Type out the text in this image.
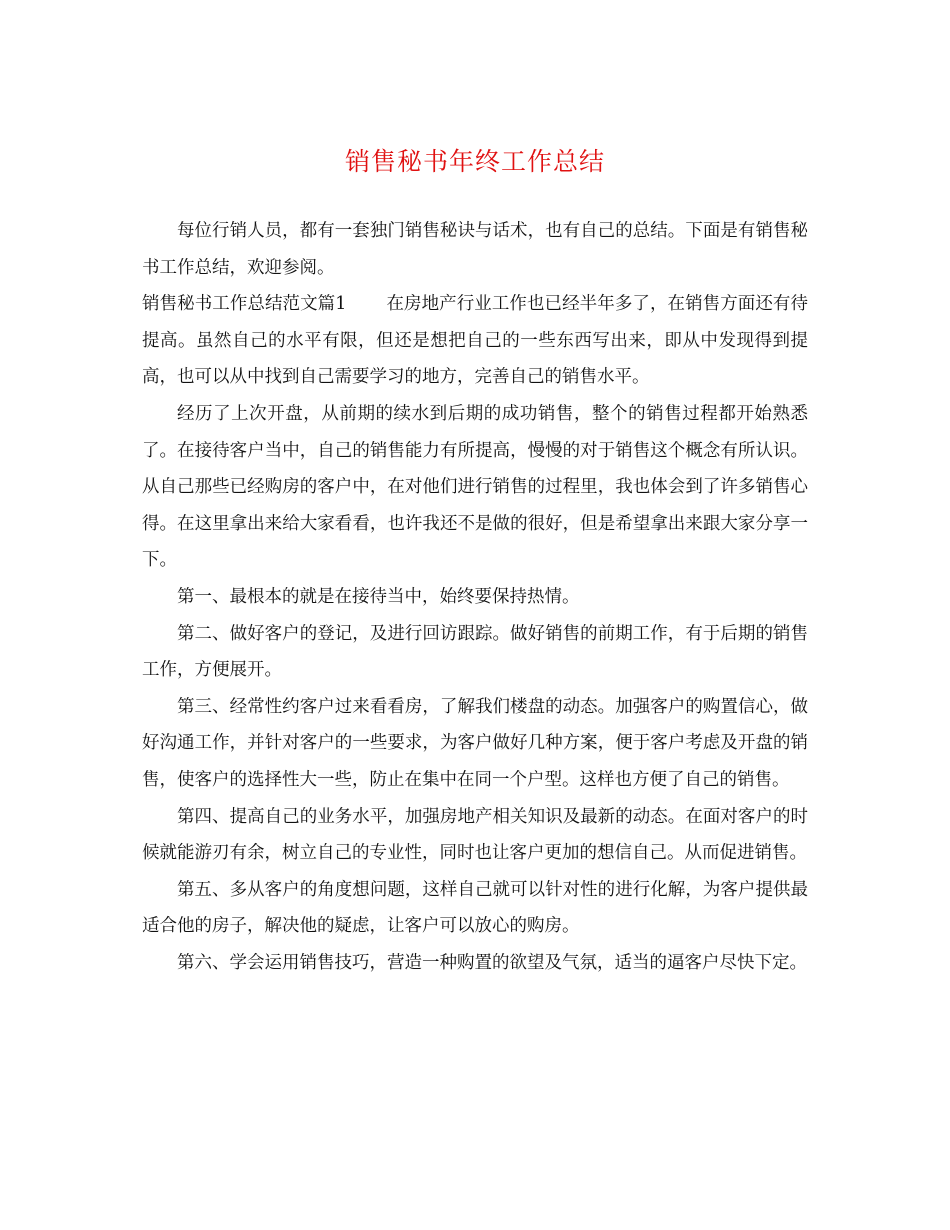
销售秘书年终工作总结

每位行销人员，都有一套独门销售秘诀与话术，也有自己的总结。下面是有销售秘书工作总结，欢迎参阅。

销售秘书工作总结范文篇1 在房地产行业工作也已经半年多了，在销售方面还有待提高。虽然自己的水平有限，但还是想把自己的一些东西写出来，即从中发现得到提高，也可以从中找到自己需要学习的地方，完善自己的销售水平。

经历了上次开盘，从前期的续水到后期的成功销售，整个的销售过程都开始熟悉了。在接待客户当中，自己的销售能力有所提高，慢慢的对于销售这个概念有所认识。从自己那些已经购房的客户中，在对他们进行销售的过程里，我也体会到了许多销售心得。在这里拿出来给大家看看，也许我还不是做的很好，但是希望拿出来跟大家分享一下。

第一、最根本的就是在接待当中，始终要保持热情。

第二、做好客户的登记，及进行回访跟踪。做好销售的前期工作，有于后期的销售工作，方便展开。

第三、经常性约客户过来看看房，了解我们楼盘的动态。加强客户的购置信心，做好沟通工作，并针对客户的一些要求，为客户做好几种方案，便于客户考虑及开盘的销售，使客户的选择性大一些，防止在集中在同一个户型。这样也方便了自己的销售。

第四、提高自己的业务水平，加强房地产相关知识及最新的动态。在面对客户的时候就能游刃有余，树立自己的专业性，同时也让客户更加的想信自己。从而促进销售。

第五、多从客户的角度想问题，这样自己就可以针对性的进行化解，为客户提供最适合他的房子，解决他的疑虑，让客户可以放心的购房。

第六、学会运用销售技巧，营造一种购置的欲望及气氛，适当的逼客户尽快下定。
